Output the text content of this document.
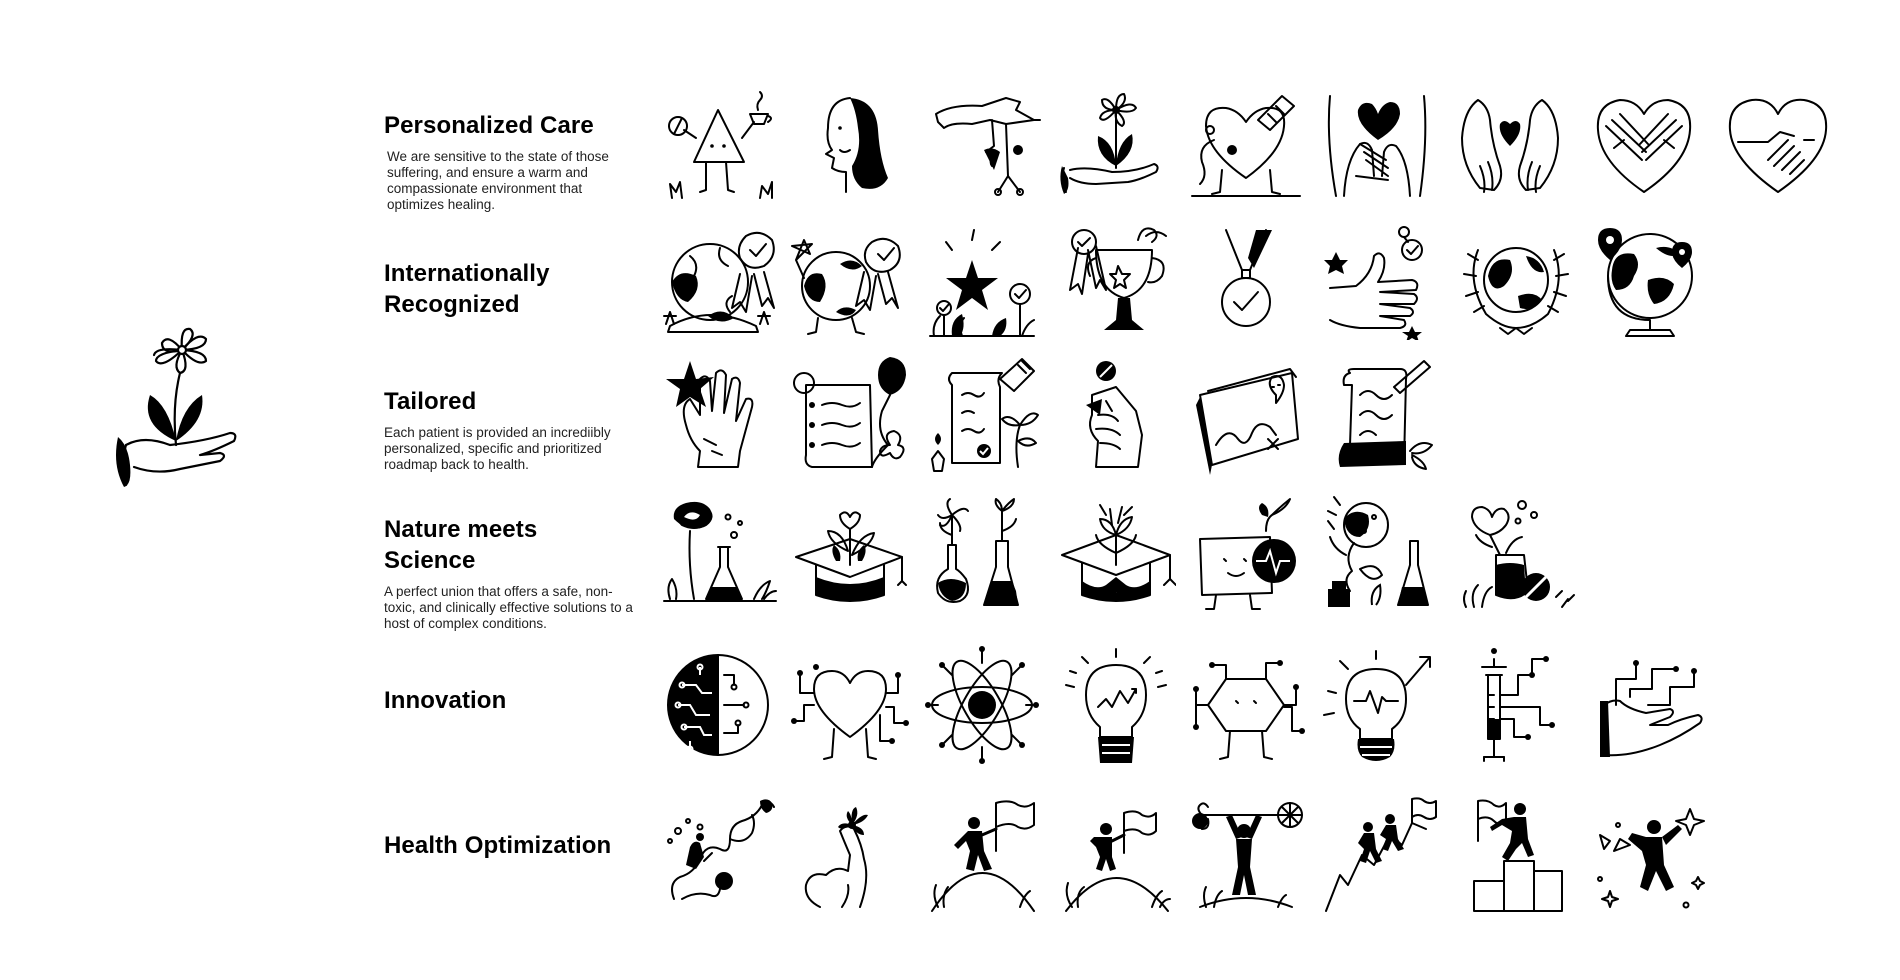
Personalized Care

We are sensitive to the state of those suffering, and ensure a warm and compassionate environment that optimizes healing.

Internationally Recognized
Tailored

Each patient is provided an incrediibly personalized, specific and prioritized roadmap back to health.

Nature meets Science

A perfect union that offers a safe, non-toxic, and clinically effective solutions to a host of complex conditions.

Innovation
Health Optimization
